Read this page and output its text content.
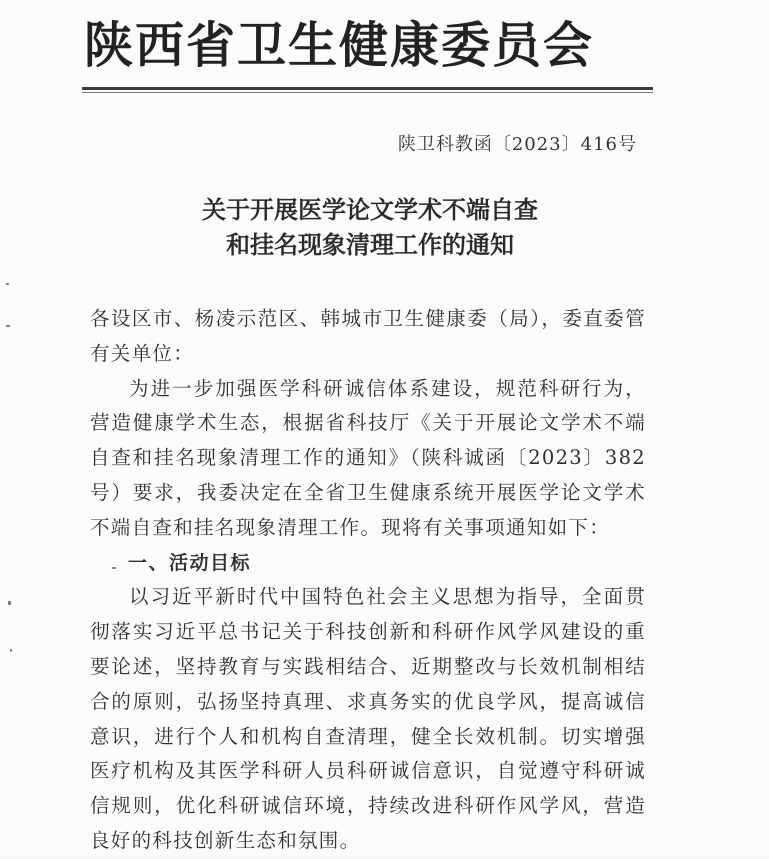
陕西省卫生健康委员会
陕卫科教函〔2023〕416号
关于开展医学论文学术不端自查
和挂名现象清理工作的通知

各设区市、杨凌示范区、韩城市卫生健康委（局），委直委管有关单位：

为进一步加强医学科研诚信体系建设，规范科研行为，营造健康学术生态，根据省科技厅《关于开展论文学术不端自查和挂名现象清理工作的通知》（陕科诚函〔2023〕382号）要求，我委决定在全省卫生健康系统开展医学论文学术不端自查和挂名现象清理工作。现将有关事项通知如下：

一、活动目标

以习近平新时代中国特色社会主义思想为指导，全面贯彻落实习近平总书记关于科技创新和科研作风学风建设的重要论述，坚持教育与实践相结合、近期整改与长效机制相结合的原则，弘扬坚持真理、求真务实的优良学风，提高诚信意识，进行个人和机构自查清理，健全长效机制。切实增强医疗机构及其医学科研人员科研诚信意识，自觉遵守科研诚信规则，优化科研诚信环境，持续改进科研作风学风，营造良好的科技创新生态和氛围。
